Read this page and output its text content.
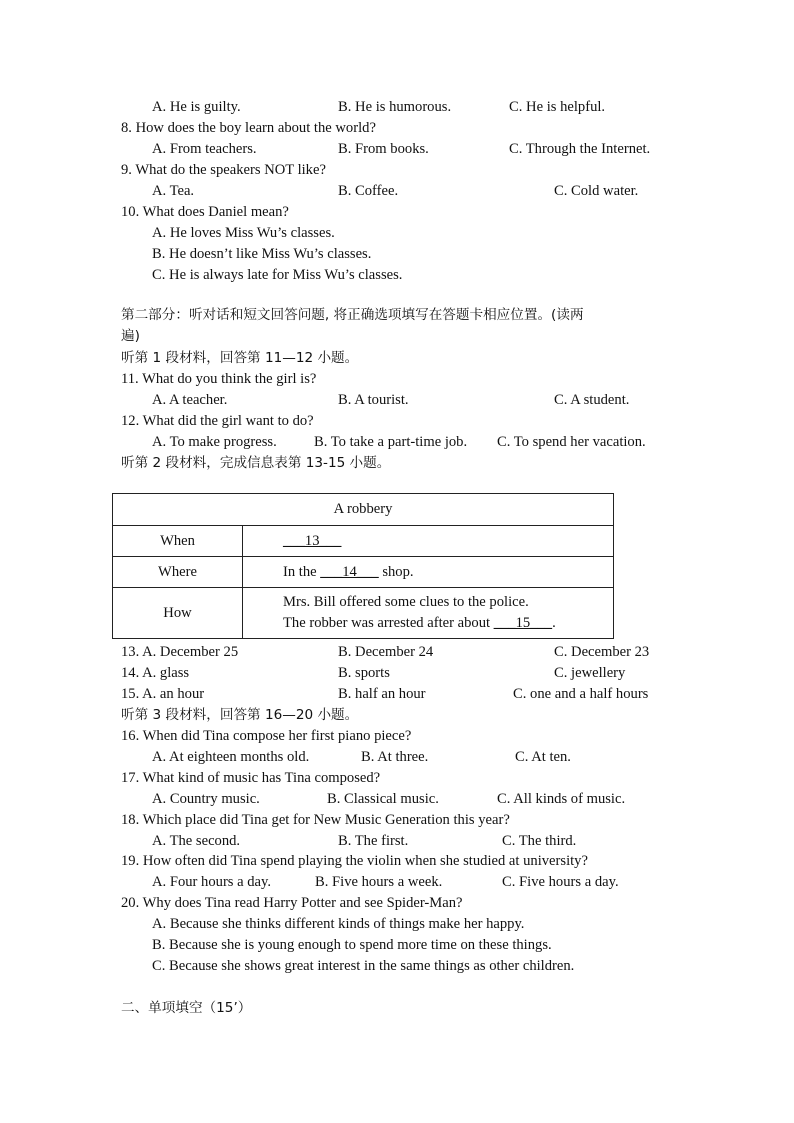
A. He is guilty.	B. He is humorous.	C. He is helpful.
8. How does the boy learn about the world?
A. From teachers.	B. From books.	C. Through the Internet.
9. What do the speakers NOT like?
A. Tea.	B. Coffee.	C. Cold water.
10. What does Daniel mean?
A. He loves Miss Wu’s classes.
B. He doesn’t like Miss Wu’s classes.
C. He is always late for Miss Wu’s classes.
第二部分：听对话和短文回答问题, 将正确选项填写在答题卡相应位置。(读两
遍)
听第 1 段材料，回答第 11—12 小题。
11. What do you think the girl is?
A. A teacher.	B. A tourist.	C. A student.
12. What did the girl want to do?
A. To make progress.	B. To take a part-time job. C. To spend her vacation.
听第 2 段材料，完成信息表第 13-15 小题。
A robbery	
When	___13___
Where	In the ___14___ shop.
How	Mrs. Bill offered some clues to the police.
The robber was arrested after about ___15___.
13. A. December 25	B. December 24	C. December 23
14. A. glass	B. sports	C. jewellery
15. A. an hour	B. half an hour	C. one and a half hours
听第 3 段材料，回答第 16—20 小题。
16. When did Tina compose her first piano piece?
A. At eighteen months old.	B. At three.	C. At ten.
17. What kind of music has Tina composed?
A. Country music.	B. Classical music.	C. All kinds of music.
18. Which place did Tina get for New Music Generation this year?
A. The second.	B. The first.	C. The third.
19. How often did Tina spend playing the violin when she studied at university?
A. Four hours a day.	B. Five hours a week.	C. Five hours a day.
20. Why does Tina read Harry Potter and see Spider-Man?
A. Because she thinks different kinds of things make her happy.
B. Because she is young enough to spend more time on these things.
C. Because she shows great interest in the same things as other children.
二、单项填空（15’）
